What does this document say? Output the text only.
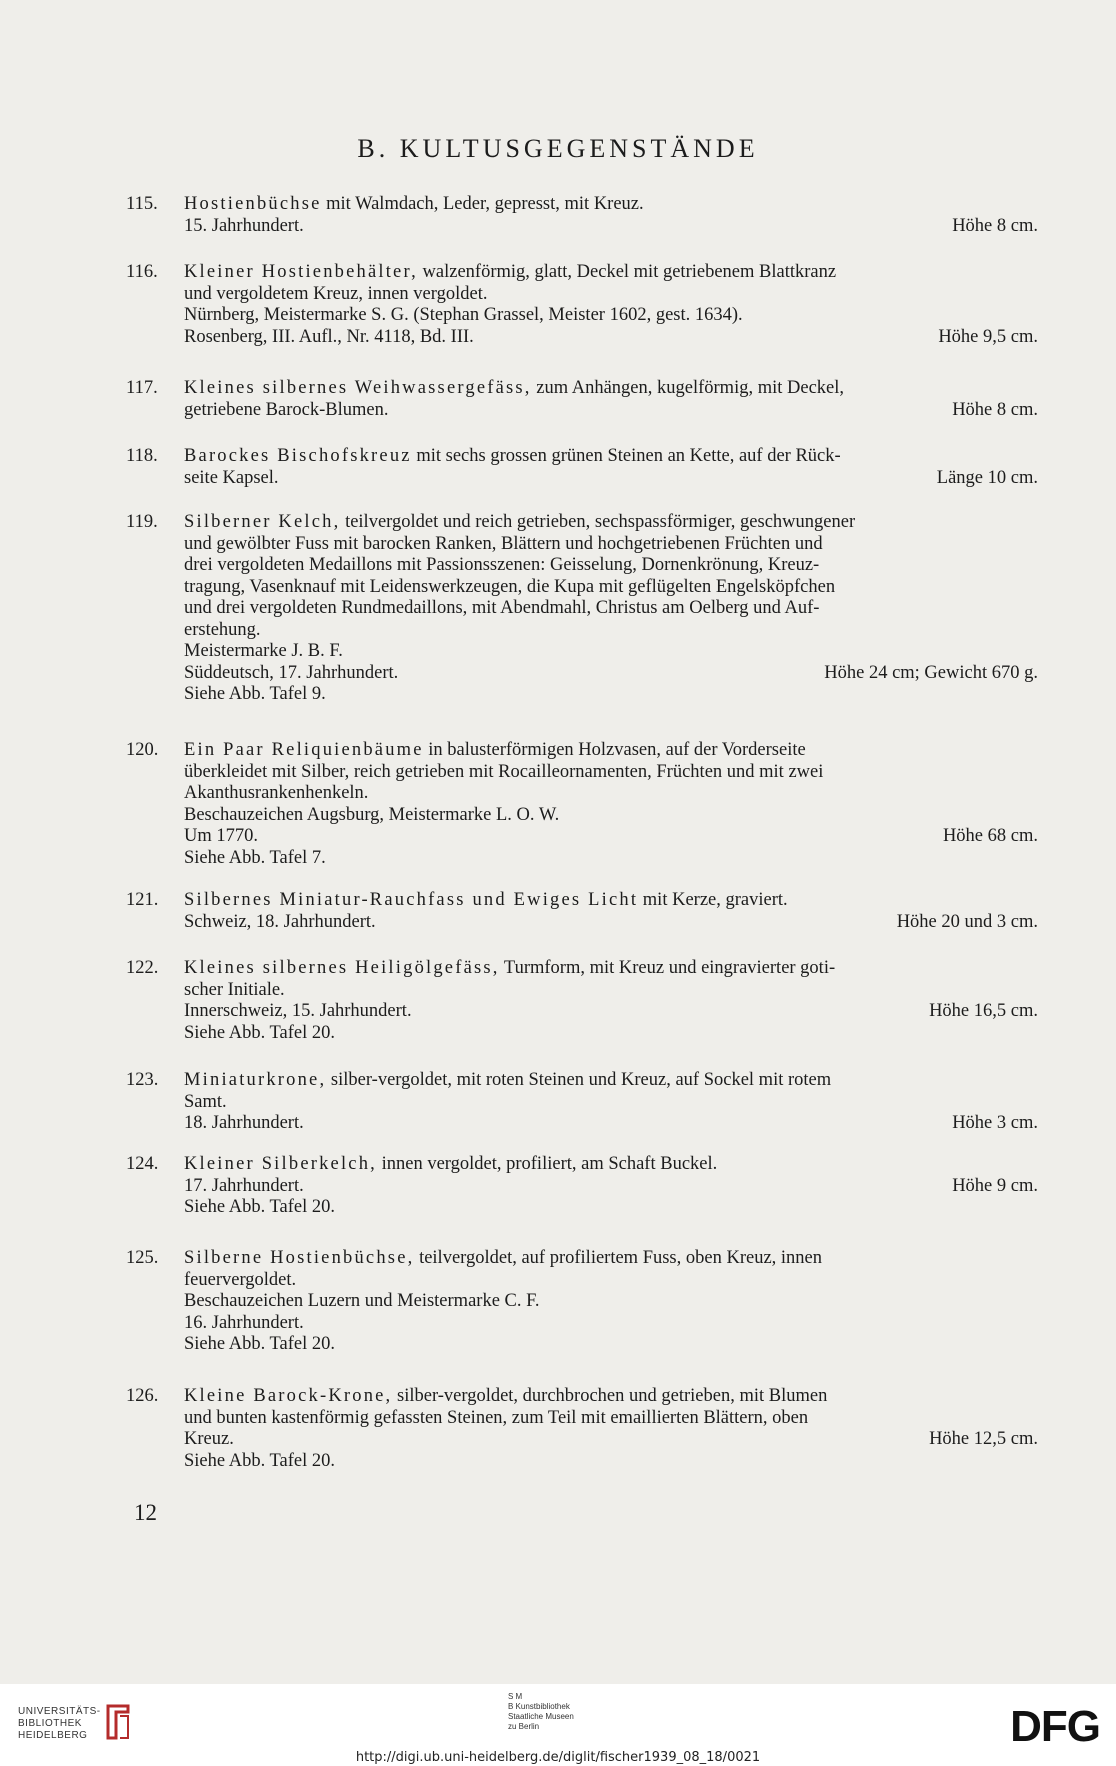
B. KULTUSGEGENSTÄNDE
115. Hostienbüchse mit Walmdach, Leder, gepresst, mit Kreuz.
15. Jahrhundert.	Höhe 8 cm.
116. Kleiner Hostienbehälter, walzenförmig, glatt, Deckel mit getriebenem Blattkranz
und vergoldetem Kreuz, innen vergoldet.
Nürnberg, Meistermarke S. G. (Stephan Grassel, Meister 1602, gest. 1634).
Rosenberg, III. Aufl., Nr. 4118, Bd. III.	Höhe 9,5 cm.
117. Kleines silbernes Weihwassergefäss, zum Anhängen, kugelförmig, mit Deckel,
getriebene Barock-Blumen.	Höhe 8 cm.
118. Barockes Bischofskreuz mit sechs grossen grünen Steinen an Kette, auf der Rück-
seite Kapsel.	Länge 10 cm.
119. Silberner Kelch, teilvergoldet und reich getrieben, sechspassförmiger, geschwungener
und gewölbter Fuss mit barocken Ranken, Blättern und hochgetriebenen Früchten und
drei vergoldeten Medaillons mit Passionsszenen: Geisselung, Dornenkrönung, Kreuz-
tragung, Vasenknauf mit Leidenswerkzeugen, die Kupa mit geflügelten Engelsköpfchen
und drei vergoldeten Rundmedaillons, mit Abendmahl, Christus am Oelberg und Auf-
erstehung.
Meistermarke J. B. F.
Süddeutsch, 17. Jahrhundert.	Höhe 24 cm; Gewicht 670 g.
Siehe Abb. Tafel 9.
120. Ein Paar Reliquienbäume in balusterförmigen Holzvasen, auf der Vorderseite
überkleidet mit Silber, reich getrieben mit Rocailleornamenten, Früchten und mit zwei
Akanthusrankenhenkeln.
Beschauzeichen Augsburg, Meistermarke L. O. W.
Um 1770.	Höhe 68 cm.
Siehe Abb. Tafel 7.
121. Silbernes Miniatur-Rauchfass und Ewiges Licht mit Kerze, graviert.
Schweiz, 18. Jahrhundert.	Höhe 20 und 3 cm.
122. Kleines silbernes Heiligölgefäss, Turmform, mit Kreuz und eingravierter goti-
scher Initiale.
Innerschweiz, 15. Jahrhundert.	Höhe 16,5 cm.
Siehe Abb. Tafel 20.
123. Miniaturkrone, silber-vergoldet, mit roten Steinen und Kreuz, auf Sockel mit rotem
Samt.
18. Jahrhundert.	Höhe 3 cm.
124. Kleiner Silberkelch, innen vergoldet, profiliert, am Schaft Buckel.
17. Jahrhundert.	Höhe 9 cm.
Siehe Abb. Tafel 20.
125. Silberne Hostienbüchse, teilvergoldet, auf profiliertem Fuss, oben Kreuz, innen
feuervergoldet.
Beschauzeichen Luzern und Meistermarke C. F.
16. Jahrhundert.
Siehe Abb. Tafel 20.
126. Kleine Barock-Krone, silber-vergoldet, durchbrochen und getrieben, mit Blumen
und bunten kastenförmig gefassten Steinen, zum Teil mit emaillierten Blättern, oben
Kreuz.	Höhe 12,5 cm.
Siehe Abb. Tafel 20.
12
UNIVERSITÄTS-
BIBLIOTHEK
HEIDELBERG
S M
B Kunstbibliothek
Staatliche Museen
zu Berlin	DFG
http://digi.ub.uni-heidelberg.de/diglit/fischer1939_08_18/0021
